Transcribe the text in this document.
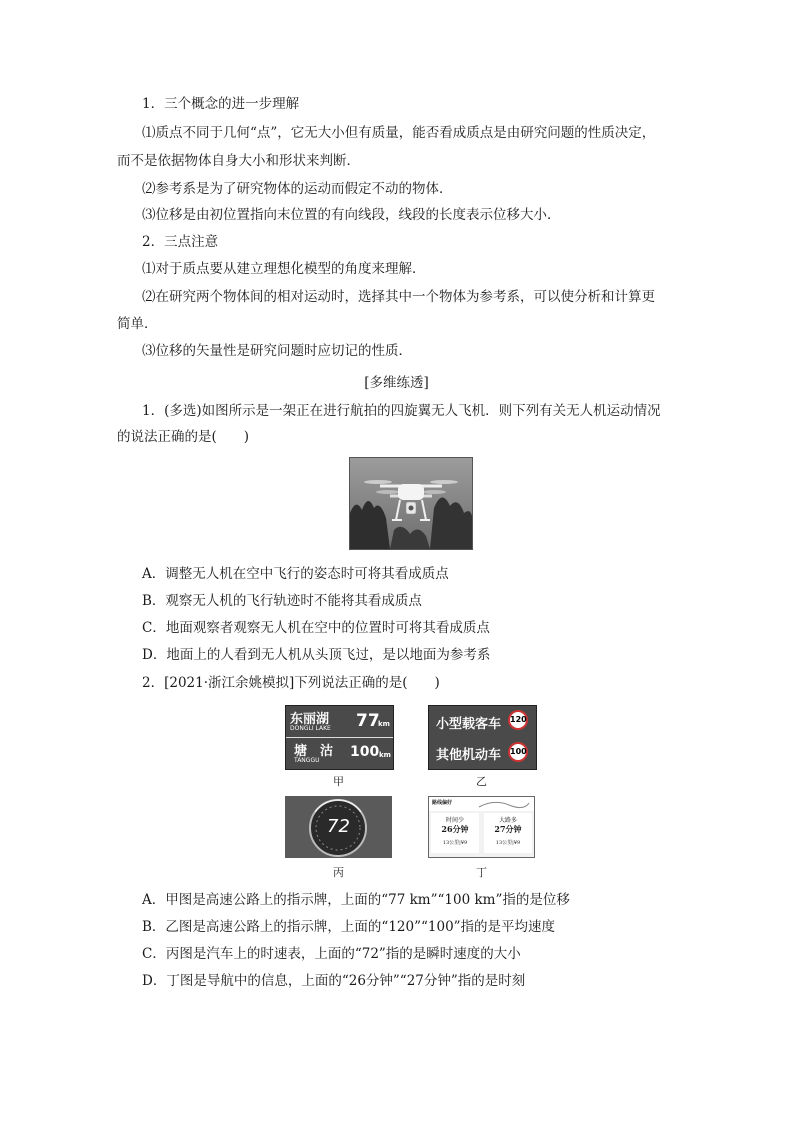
1．三个概念的进一步理解
⑴质点不同于几何“点”，它无大小但有质量，能否看成质点是由研究问题的性质决定，
而不是依据物体自身大小和形状来判断．
⑵参考系是为了研究物体的运动而假定不动的物体．
⑶位移是由初位置指向末位置的有向线段，线段的长度表示位移大小．
2．三点注意
⑴对于质点要从建立理想化模型的角度来理解．
⑵在研究两个物体间的相对运动时，选择其中一个物体为参考系，可以使分析和计算更
简单．
⑶位移的矢量性是研究问题时应切记的性质．
[多维练透]
1．(多选)如图所示是一架正在进行航拍的四旋翼无人飞机．则下列有关无人机运动情况
的说法正确的是(　　)
A．调整无人机在空中飞行的姿态时可将其看成质点
B．观察无人机的飞行轨迹时不能将其看成质点
C．地面观察者观察无人机在空中的位置时可将其看成质点
D．地面上的人看到无人机从头顶飞过，是以地面为参考系
2．[2021·浙江余姚模拟]下列说法正确的是(　　)
东丽湖
DONGLI LAKE 77
km
塘　沽
TANGGU
100 km
甲
小型载客车 120
其他机动车 100
乙
72
丙
路线偏好
时间少
26分钟
13公里|¥9
大路多
27分钟
13公里|¥9
丁
A．甲图是高速公路上的指示牌，上面的“77 km”“100 km”指的是位移
B．乙图是高速公路上的指示牌，上面的“120”“100”指的是平均速度
C．丙图是汽车上的时速表，上面的“72”指的是瞬时速度的大小
D．丁图是导航中的信息，上面的“26分钟”“27分钟”指的是时刻
